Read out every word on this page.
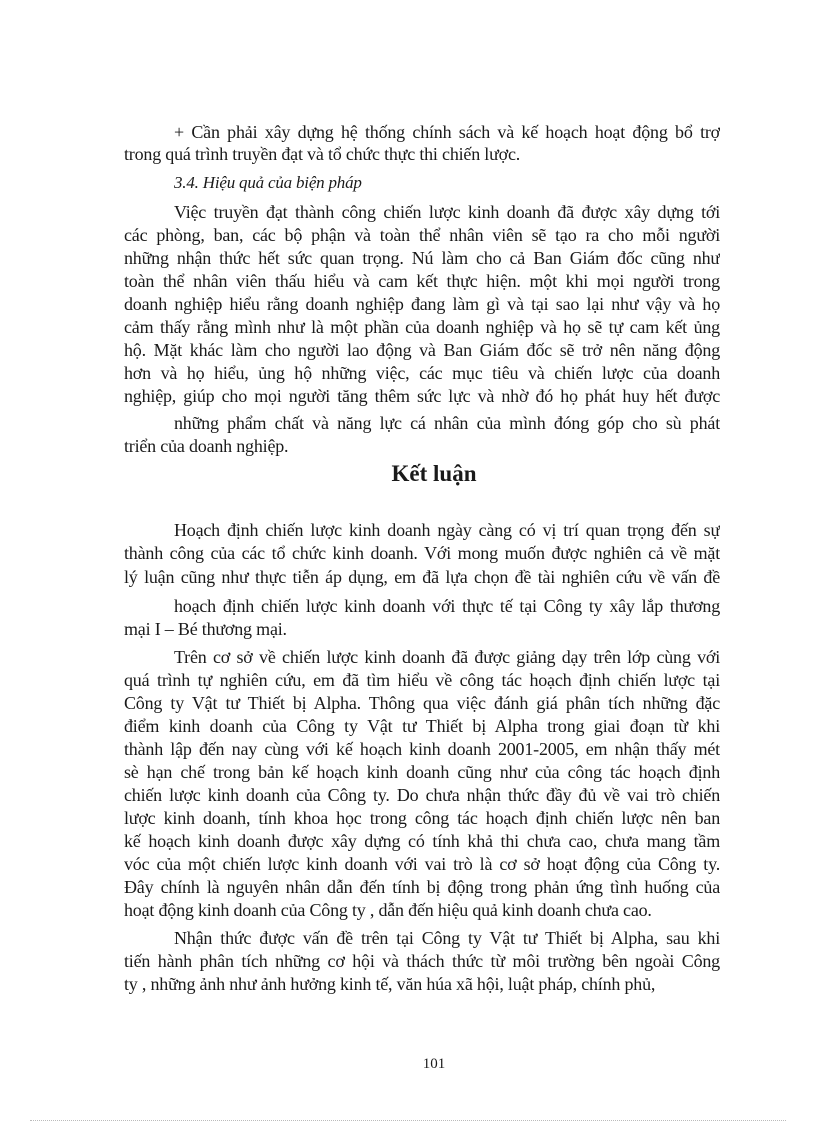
+ Cần phải xây dựng hệ thống chính sách và kế hoạch hoạt động bổ trợ
trong quá trình truyền đạt và tổ chức thực thi chiến lược.
3.4. Hiệu quả của biện pháp
Việc truyền đạt thành công chiến lược kinh doanh đã được xây dựng tới
các phòng, ban, các bộ phận và toàn thể nhân viên sẽ tạo ra cho mỗi người
những nhận thức hết sức quan trọng. Nú làm cho cả Ban Giám đốc cũng như
toàn thể nhân viên thấu hiểu và cam kết thực hiện. một khi mọi người trong
doanh nghiệp hiểu rằng doanh nghiệp đang làm gì và tại sao lại như vậy và họ
cảm thấy rằng mình như là một phần của doanh nghiệp và họ sẽ tự cam kết ủng
hộ. Mặt khác làm cho người lao động và Ban Giám đốc sẽ trở nên năng động
hơn và họ hiểu, ủng hộ những việc, các mục tiêu và chiến lược của doanh
nghiệp, giúp cho mọi người tăng thêm sức lực và nhờ đó họ phát huy hết được
những phẩm chất và năng lực cá nhân của mình đóng góp cho sù phát
triển của doanh nghiệp.
Kết luận
Hoạch định chiến lược kinh doanh ngày càng có vị trí quan trọng đến sự
thành công của các tổ chức kinh doanh. Với mong muốn được nghiên cả về mặt
lý luận cũng như thực tiễn áp dụng, em đã lựa chọn đề tài nghiên cứu về vấn đề
hoạch định chiến lược kinh doanh với thực tế tại Công ty xây lắp thương
mại I – Bé thương mại.
Trên cơ sở về chiến lược kinh doanh đã được giảng dạy trên lớp cùng với
quá trình tự nghiên cứu, em đã tìm hiểu về công tác hoạch định chiến lược tại
Công ty Vật tư Thiết bị Alpha. Thông qua việc đánh giá phân tích những đặc
điểm kinh doanh của Công ty Vật tư Thiết bị Alpha trong giai đoạn từ khi
thành lập đến nay cùng với kế hoạch kinh doanh 2001-2005, em nhận thấy mét
sè hạn chế trong bản kế hoạch kinh doanh cũng như của công tác hoạch định
chiến lược kinh doanh của Công ty. Do chưa nhận thức đầy đủ về vai trò chiến
lược kinh doanh, tính khoa học trong công tác hoạch định chiến lược nên ban
kế hoạch kinh doanh được xây dựng có tính khả thi chưa cao, chưa mang tầm
vóc của một chiến lược kinh doanh với vai trò là cơ sở hoạt động của Công ty.
Đây chính là nguyên nhân dẫn đến tính bị động trong phản ứng tình huống của
hoạt động kinh doanh của Công ty , dẫn đến hiệu quả kinh doanh chưa cao.
Nhận thức được vấn đề trên tại Công ty Vật tư Thiết bị Alpha, sau khi
tiến hành phân tích những cơ hội và thách thức từ môi trường bên ngoài Công
ty , những ảnh như ảnh hưởng kinh tế, văn húa xã hội, luật pháp, chính phủ,
101
